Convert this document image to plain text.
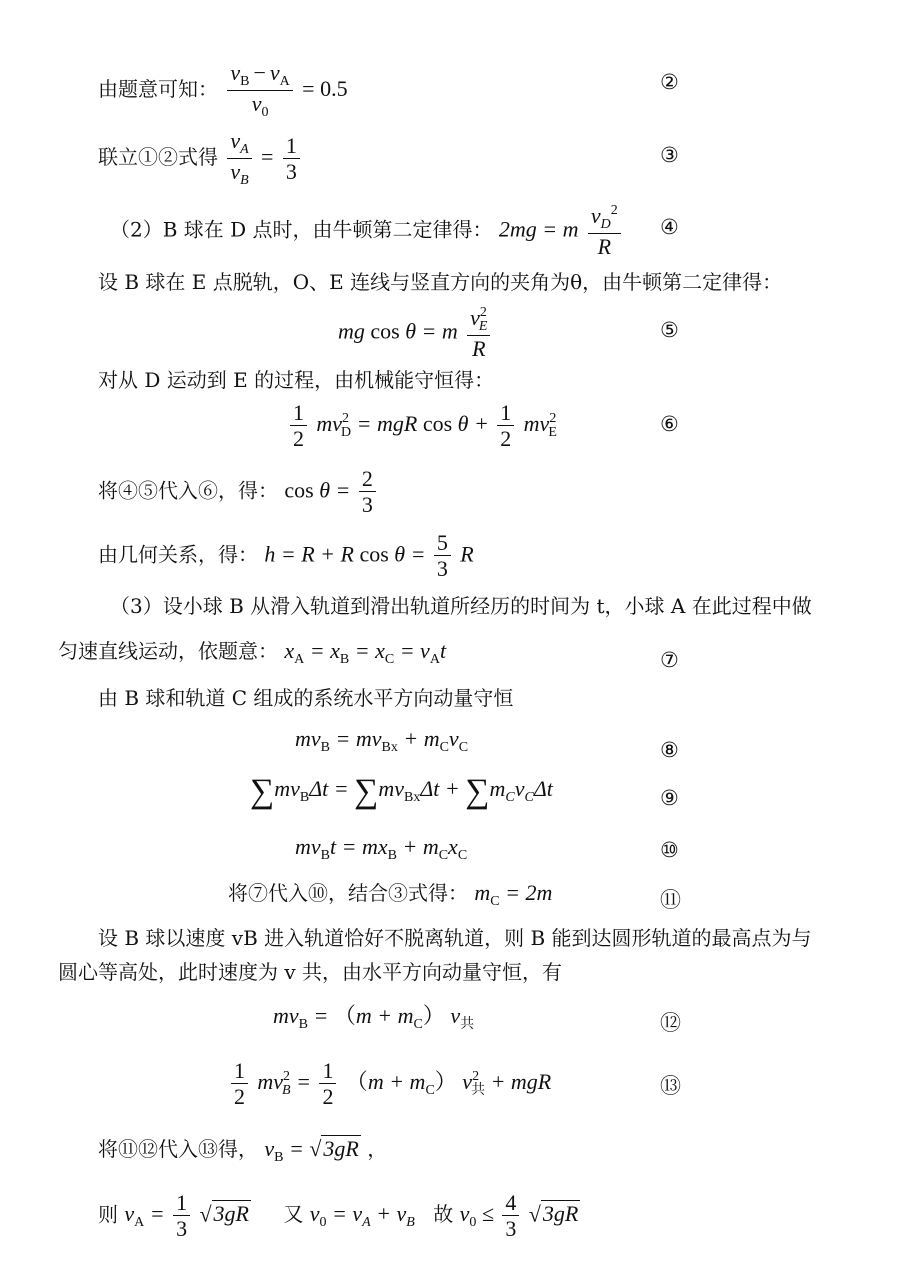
由题意可知： $\frac{v_B - v_A}{v_0} = 0.5$	②
联立①②式得 $\frac{v_A}{v_B} = \frac{1}{3}$	③
（2）B 球在 D 点时，由牛顿第二定律得： 2mg = m $\frac{v_D^2}{R}$ ④
设 B 球在 E 点脱轨，O、E 连线与竖直方向的夹角为θ，由牛顿第二定律得：
mg cos θ = m $\frac{v^2_E}{R}$	⑤
对从 D 运动到 E 的过程，由机械能守恒得：
$\frac{1}{2} mv^2_D$ = mgR $\cos \theta + \frac{1}{2} mv^2_E$	⑥
将④⑤代入⑥，得： $\cos \theta = \frac{2}{3}$
由几何关系，得： h = R + R $\cos \theta = \frac{5}{3}$ R
（3）设小球 B 从滑入轨道到滑出轨道所经历的时间为 t，小球 A 在此过程中做
匀速直线运动，依题意： $x_A = x_B = x_C = v_At$	⑦
由 B 球和轨道 C 组成的系统水平方向动量守恒
$mv_B = mv_{Bx} + m_Cv_C$	⑧
$\sum mv_B\Delta t = \sum mv_{Bx}\Delta t + \sum m_Cv_C\Delta t$	⑨
$mv_Bt = mx_B + m_Cx_C$	⑩
将⑦代入⑩，结合③式得： $m_C = 2m$	⑪
设 B 球以速度 vB 进入轨道恰好不脱离轨道，则 B 能到达圆形轨道的最高点为与
圆心等高处，此时速度为 v 共，由水平方向动量守恒，有
$mv_B = (m + m_C)$ $v_共$	⑫
$\frac{1}{2} mv^2_B = \frac{1}{2} (m + m_C) v^2_共$ + mgR	⑬
将⑪⑫代入⑬得， $v_B = √3gR$ ，
则 $v_A = \frac{1}{3} √3gR$ 又 $v_0 = v_A + v_B$ 故 $v_0 \le \frac{4}{3} √3gR$
